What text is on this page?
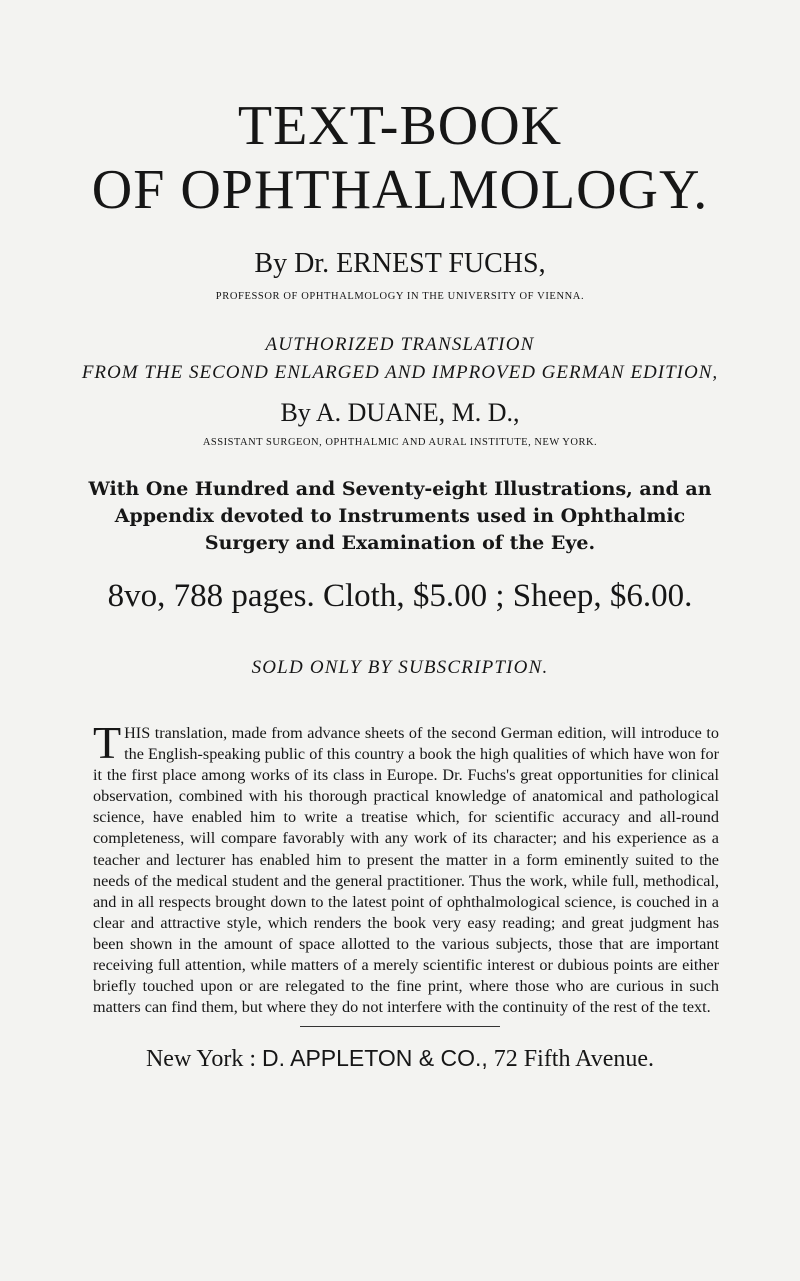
TEXT-BOOK
OF OPHTHALMOLOGY.
By Dr. ERNEST FUCHS,
PROFESSOR OF OPHTHALMOLOGY IN THE UNIVERSITY OF VIENNA.
AUTHORIZED TRANSLATION
FROM THE SECOND ENLARGED AND IMPROVED GERMAN EDITION,
By A. DUANE, M. D.,
ASSISTANT SURGEON, OPHTHALMIC AND AURAL INSTITUTE, NEW YORK.
With One Hundred and Seventy-eight Illustrations, and an Appendix devoted to Instruments used in Ophthalmic Surgery and Examination of the Eye.
8vo, 788 pages. Cloth, $5.00 ; Sheep, $6.00.
SOLD ONLY BY SUBSCRIPTION.

THIS translation, made from advance sheets of the second German edition, will introduce to the English-speaking public of this country a book the high qualities of which have won for it the first place among works of its class in Europe. Dr. Fuchs's great opportunities for clinical observation, combined with his thorough practical knowledge of anatomical and pathological science, have enabled him to write a treatise which, for scientific accuracy and all-round completeness, will compare favorably with any work of its character; and his experience as a teacher and lecturer has enabled him to present the matter in a form eminently suited to the needs of the medical student and the general practitioner. Thus the work, while full, methodical, and in all respects brought down to the latest point of ophthalmological science, is couched in a clear and attractive style, which renders the book very easy reading; and great judgment has been shown in the amount of space allotted to the various subjects, those that are important receiving full attention, while matters of a merely scientific interest or dubious points are either briefly touched upon or are relegated to the fine print, where those who are curious in such matters can find them, but where they do not interfere with the continuity of the rest of the text.

New York : D. APPLETON & CO., 72 Fifth Avenue.
